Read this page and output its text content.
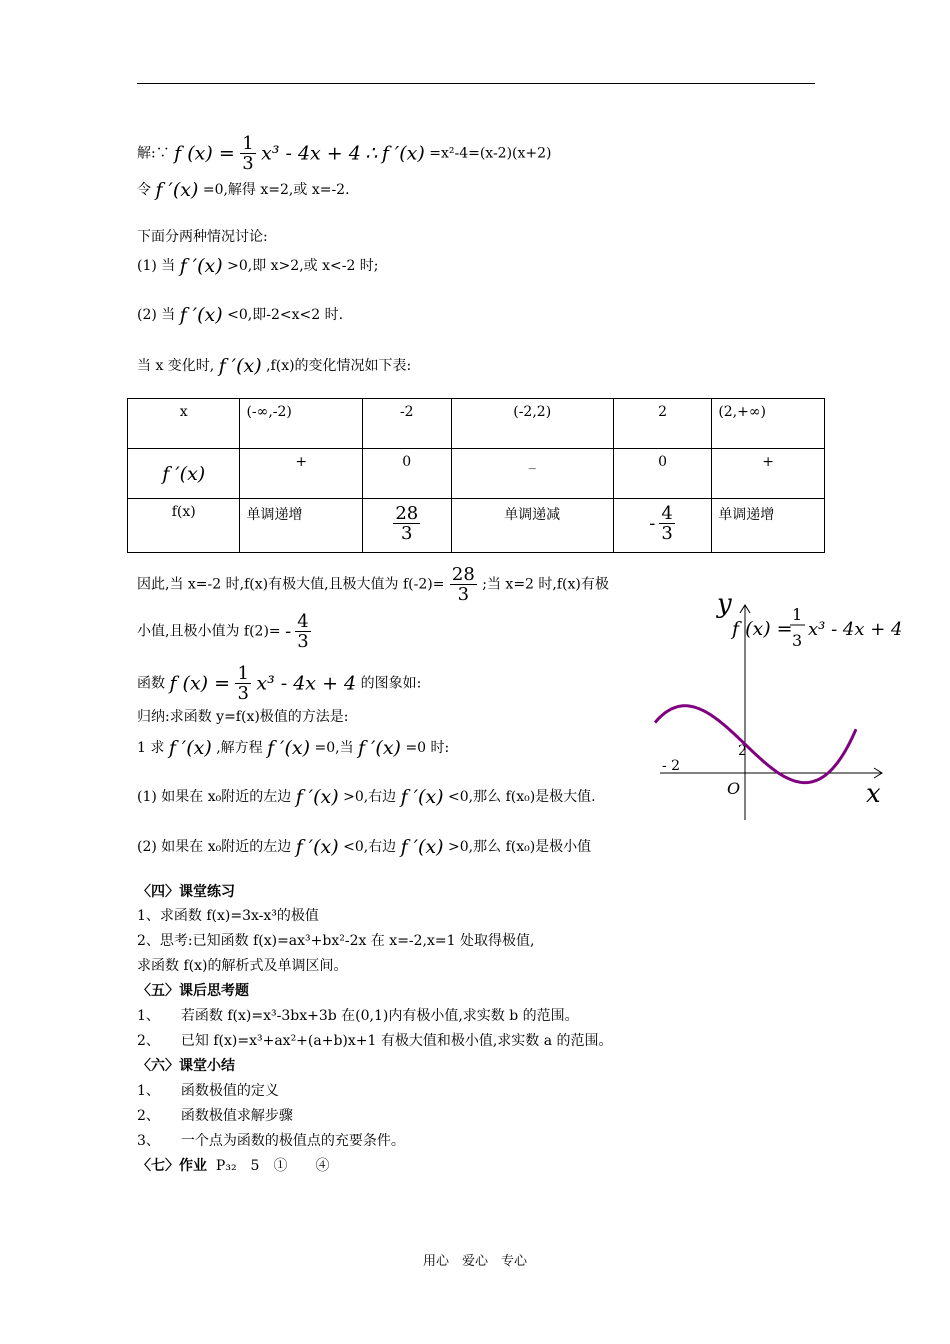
解:∵ f $(x) = \frac{1}{3} x^3 - 4x + 4$ ∴ f ′(x) =x²-4=(x-2)(x+2)
令 f ′(x) =0,解得 x=2,或 x=-2.
下面分两种情况讨论:
(1) 当 f ′(x) >0,即 x>2,或 x<-2 时;
(2) 当 f ′(x) <0,即-2<x<2 时.
当 x 变化时, f ′(x) ,f(x)的变化情况如下表:
x	(-∞,-2)	-2	(-2,2)	2	(2,+∞)
f ′(x)	+	0	_	0	+
f(x)	单调递增	$\frac{28}{3}$	单调递减	- $\frac{4}{3}$	单调递增
因此,当 x=-2 时,f(x)有极大值,且极大值为 $f(-2)= \frac{28}{3}$ ;当 x=2 时,f(x)有极
小值,且极小值为 $f(2)= - \frac{4}{3}$
函数 f $(x) = \frac{1}{3} x^3 - 4x + 4$ 的图象如:
归纳:求函数 y=f(x)极值的方法是:
1 求 f ′(x) ,解方程 f ′(x) =0,当 f ′(x) =0 时:
(1) 如果在 x₀附近的左边 f ′(x) >0,右边 f ′(x) <0,那么 f(x₀)是极大值.
(2) 如果在 x₀附近的左边 f ′(x) <0,右边 f ′(x) >0,那么 f(x₀)是极小值
y
x
O
- 2
2
f (x) =
1
3
x³ - 4x + 4
〈四〉课堂练习
1、求函数 f(x)=3x-x³的极值
2、思考:已知函数 f(x)=ax³+bx²-2x 在 x=-2,x=1 处取得极值,
求函数 f(x)的解析式及单调区间。
〈五〉课后思考题
1、　　若函数 f(x)=x³-3bx+3b 在(0,1)内有极小值,求实数 b 的范围。
2、　　已知 f(x)=x³+ax²+(a+b)x+1 有极大值和极小值,求实数 a 的范围。
〈六〉课堂小结
1、　　函数极值的定义
2、　　函数极值求解步骤
3、　　一个点为函数的极值点的充要条件。
〈七〉作业 P₃₂　5　①　　④
用心　爱心　专心
